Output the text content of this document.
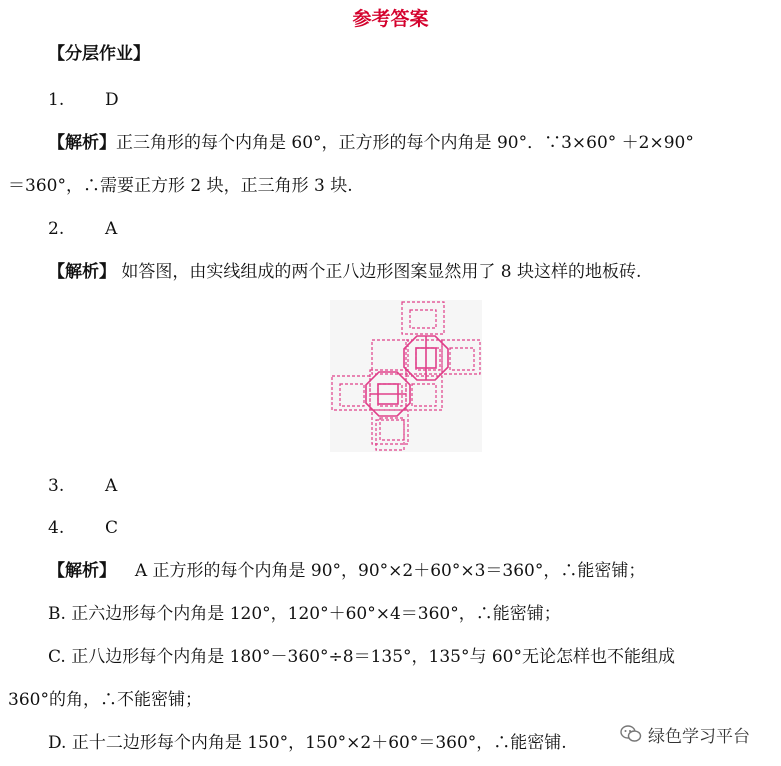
参考答案
【分层作业】
1. D
【解析】正三角形的每个内角是 60°，正方形的每个内角是 90°．∵3×60° ＋2×90°
＝360°，∴需要正方形 2 块，正三角形 3 块.
2. A
【解析】 如答图，由实线组成的两个正八边形图案显然用了 8 块这样的地板砖.
3. A
4. C
【解析】 A 正方形的每个内角是 90°，90°×2＋60°×3＝360°，∴能密铺；
B. 正六边形每个内角是 120°，120°＋60°×4＝360°，∴能密铺；
C. 正八边形每个内角是 180°－360°÷8＝135°，135°与 60°无论怎样也不能组成
360°的角，∴不能密铺；
D. 正十二边形每个内角是 150°，150°×2＋60°＝360°，∴能密铺.	绿色学习平台
